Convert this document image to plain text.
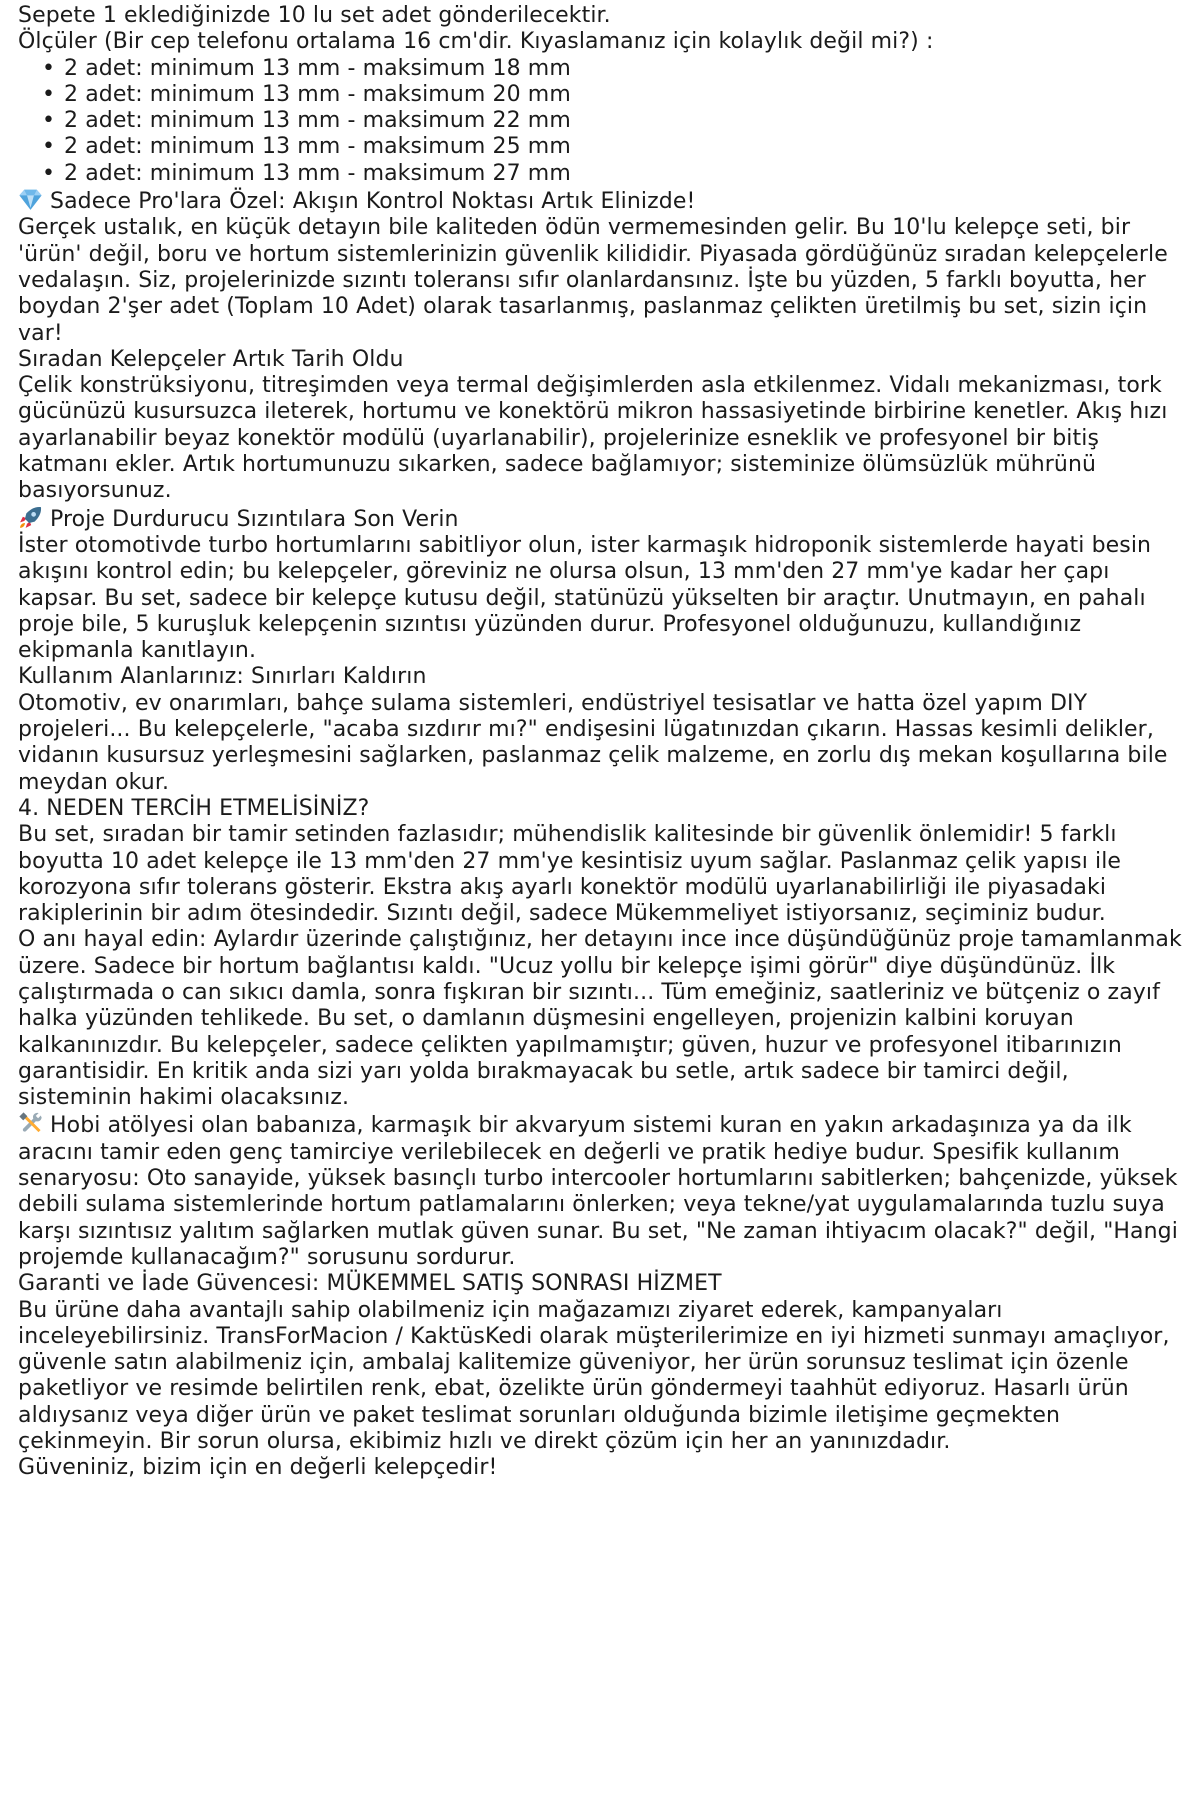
Sepete 1 eklediğinizde 10 lu set adet gönderilecektir.

Ölçüler (Bir cep telefonu ortalama 16 cm'dir. Kıyaslamanız için kolaylık değil mi?) :

• 2 adet: minimum 13 mm - maksimum 18 mm
• 2 adet: minimum 13 mm - maksimum 20 mm
• 2 adet: minimum 13 mm - maksimum 22 mm
• 2 adet: minimum 13 mm - maksimum 25 mm
• 2 adet: minimum 13 mm - maksimum 27 mm

Sadece Pro'lara Özel: Akışın Kontrol Noktası Artık Elinizde!

Gerçek ustalık, en küçük detayın bile kaliteden ödün vermemesinden gelir. Bu 10'lu kelepçe seti, bir 'ürün' değil, boru ve hortum sistemlerinizin güvenlik kilididir. Piyasada gördüğünüz sıradan kelepçelerle vedalaşın. Siz, projelerinizde sızıntı toleransı sıfır olanlardansınız. İşte bu yüzden, 5 farklı boyutta, her boydan 2'şer adet (Toplam 10 Adet) olarak tasarlanmış, paslanmaz çelikten üretilmiş bu set, sizin için var!

Sıradan Kelepçeler Artık Tarih Oldu

Çelik konstrüksiyonu, titreşimden veya termal değişimlerden asla etkilenmez. Vidalı mekanizması, tork gücünüzü kusursuzca ileterek, hortumu ve konektörü mikron hassasiyetinde birbirine kenetler. Akış hızı ayarlanabilir beyaz konektör modülü (uyarlanabilir), projelerinize esneklik ve profesyonel bir bitiş katmanı ekler. Artık hortumunuzu sıkarken, sadece bağlamıyor; sisteminize ölümsüzlük mührünü basıyorsunuz.

Proje Durdurucu Sızıntılara Son Verin

İster otomotivde turbo hortumlarını sabitliyor olun, ister karmaşık hidroponik sistemlerde hayati besin akışını kontrol edin; bu kelepçeler, göreviniz ne olursa olsun, 13 mm'den 27 mm'ye kadar her çapı kapsar. Bu set, sadece bir kelepçe kutusu değil, statünüzü yükselten bir araçtır. Unutmayın, en pahalı proje bile, 5 kuruşluk kelepçenin sızıntısı yüzünden durur. Profesyonel olduğunuzu, kullandığınız ekipmanla kanıtlayın.

Kullanım Alanlarınız: Sınırları Kaldırın

Otomotiv, ev onarımları, bahçe sulama sistemleri, endüstriyel tesisatlar ve hatta özel yapım DIY projeleri... Bu kelepçelerle, "acaba sızdırır mı?" endişesini lügatınızdan çıkarın. Hassas kesimli delikler, vidanın kusursuz yerleşmesini sağlarken, paslanmaz çelik malzeme, en zorlu dış mekan koşullarına bile meydan okur.

4. NEDEN TERCİH ETMELİSİNİZ?

Bu set, sıradan bir tamir setinden fazlasıdır; mühendislik kalitesinde bir güvenlik önlemidir! 5 farklı boyutta 10 adet kelepçe ile 13 mm'den 27 mm'ye kesintisiz uyum sağlar. Paslanmaz çelik yapısı ile korozyona sıfır tolerans gösterir. Ekstra akış ayarlı konektör modülü uyarlanabilirliği ile piyasadaki rakiplerinin bir adım ötesindedir. Sızıntı değil, sadece Mükemmeliyet istiyorsanız, seçiminiz budur.

O anı hayal edin: Aylardır üzerinde çalıştığınız, her detayını ince ince düşündüğünüz proje tamamlanmak üzere. Sadece bir hortum bağlantısı kaldı. "Ucuz yollu bir kelepçe işimi görür" diye düşündünüz. İlk çalıştırmada o can sıkıcı damla, sonra fışkıran bir sızıntı... Tüm emeğiniz, saatleriniz ve bütçeniz o zayıf halka yüzünden tehlikede. Bu set, o damlanın düşmesini engelleyen, projenizin kalbini koruyan kalkanınızdır. Bu kelepçeler, sadece çelikten yapılmamıştır; güven, huzur ve profesyonel itibarınızın garantisidir. En kritik anda sizi yarı yolda bırakmayacak bu setle, artık sadece bir tamirci değil, sisteminin hakimi olacaksınız.

Hobi atölyesi olan babanıza, karmaşık bir akvaryum sistemi kuran en yakın arkadaşınıza ya da ilk aracını tamir eden genç tamirciye verilebilecek en değerli ve pratik hediye budur. Spesifik kullanım senaryosu: Oto sanayide, yüksek basınçlı turbo intercooler hortumlarını sabitlerken; bahçenizde, yüksek debili sulama sistemlerinde hortum patlamalarını önlerken; veya tekne/yat uygulamalarında tuzlu suya karşı sızıntısız yalıtım sağlarken mutlak güven sunar. Bu set, "Ne zaman ihtiyacım olacak?" değil, "Hangi projemde kullanacağım?" sorusunu sordurur.

Garanti ve İade Güvencesi: MÜKEMMEL SATIŞ SONRASI HİZMET

Bu ürüne daha avantajlı sahip olabilmeniz için mağazamızı ziyaret ederek, kampanyaları inceleyebilirsiniz. TransForMacion / KaktüsKedi olarak müşterilerimize en iyi hizmeti sunmayı amaçlıyor, güvenle satın alabilmeniz için, ambalaj kalitemize güveniyor, her ürün sorunsuz teslimat için özenle paketliyor ve resimde belirtilen renk, ebat, özelikte ürün göndermeyi taahhüt ediyoruz. Hasarlı ürün aldıysanız veya diğer ürün ve paket teslimat sorunları olduğunda bizimle iletişime geçmekten çekinmeyin. Bir sorun olursa, ekibimiz hızlı ve direkt çözüm için her an yanınızdadır.

Güveniniz, bizim için en değerli kelepçedir!
